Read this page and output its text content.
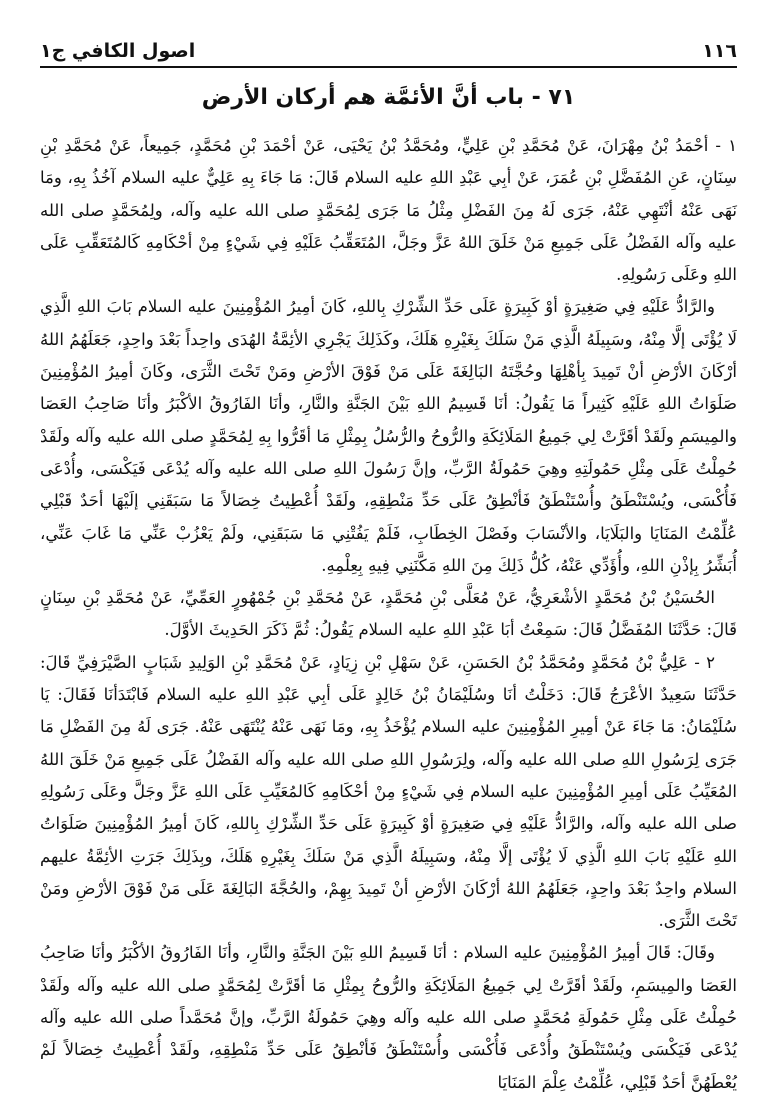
١١٦
اصول الكافي ج١
٧١ - باب أنَّ الأئمَّة هم أركان الأرض

١ - أحْمَدُ بْنُ مِهْرَانَ، عَنْ مُحَمَّدِ بْنِ عَلِيٍّ، ومُحَمَّدُ بْنُ يَحْيَى، عَنْ أحْمَدَ بْنِ مُحَمَّدٍ، جَمِيعاً، عَنْ مُحَمَّدِ بْنِ سِنَانٍ، عَنِ المُفَضَّلِ بْنِ عُمَرَ، عَنْ أبِي عَبْدِ اللهِ عليه السلام قَالَ: مَا جَاءَ بِهِ عَلِيٌّ عليه السلام آخُذُ بِهِ، ومَا نَهَى عَنْهُ أنْتَهِي عَنْهُ، جَرَى لَهُ مِنَ الفَضْلِ مِثْلُ مَا جَرَى لِمُحَمَّدٍ صلى الله عليه وآله، ولِمُحَمَّدٍ صلى الله عليه وآله الفَضْلُ عَلَى جَمِيعِ مَنْ خَلَقَ اللهُ عَزَّ وجَلَّ، المُتَعَقِّبُ عَلَيْهِ فِي شَيْءٍ مِنْ أحْكَامِهِ كَالمُتَعَقِّبِ عَلَى اللهِ وعَلَى رَسُولِهِ.

والرَّادُّ عَلَيْهِ فِي صَغِيرَةٍ أوْ كَبِيرَةٍ عَلَى حَدِّ الشِّرْكِ بِاللهِ، كَانَ أمِيرُ المُؤْمِنِينَ عليه السلام بَابَ اللهِ الَّذِي لَا يُؤْتَى إلَّا مِنْهُ، وسَبِيلَهُ الَّذِي مَنْ سَلَكَ بِغَيْرِهِ هَلَكَ، وكَذَلِكَ يَجْرِي الأئِمَّةُ الهُدَى واحِداً بَعْدَ واحِدٍ، جَعَلَهُمُ اللهُ أرْكَانَ الأرْضِ أنْ تَمِيدَ بِأهْلِهَا وحُجَّتَهُ البَالِغَةَ عَلَى مَنْ فَوْقَ الأرْضِ ومَنْ تَحْتَ الثَّرَى، وكَانَ أمِيرُ المُؤْمِنِينَ صَلَوَاتُ اللهِ عَلَيْهِ كَثِيراً مَا يَقُولُ: أنَا قَسِيمُ اللهِ بَيْنَ الجَنَّةِ والنَّارِ، وأنَا الفَارُوقُ الأكْبَرُ وأنَا صَاحِبُ العَصَا والمِيسَمِ ولَقَدْ أقَرَّتْ لِي جَمِيعُ المَلَائِكَةِ والرُّوحُ والرُّسُلُ بِمِثْلِ مَا أقَرُّوا بِهِ لِمُحَمَّدٍ صلى الله عليه وآله ولَقَدْ حُمِلْتُ عَلَى مِثْلِ حَمُولَتِهِ وهِيَ حَمُولَةُ الرَّبِّ، وإنَّ رَسُولَ اللهِ صلى الله عليه وآله يُدْعَى فَيَكْسَى، وأُدْعَى فَأُكْسَى، ويُسْتَنْطَقُ وأُسْتَنْطَقُ فَأنْطِقُ عَلَى حَدِّ مَنْطِقِهِ، ولَقَدْ أُعْطِيتُ خِصَالاً مَا سَبَقَنِي إلَيْهَا أحَدٌ قَبْلِي عُلِّمْتُ المَنَايَا والبَلَايَا، والأنْسَابَ وفَصْلَ الخِطَابِ، فَلَمْ يَفُتْنِي مَا سَبَقَنِي، ولَمْ يَعْزُبْ عَنِّي مَا غَابَ عَنِّي، أُبَشِّرُ بِإذْنِ اللهِ، وأُؤَدِّي عَنْهُ، كُلُّ ذَلِكَ مِنَ اللهِ مَكَّنَنِي فِيهِ بِعِلْمِهِ.

الحُسَيْنُ بْنُ مُحَمَّدٍ الأشْعَرِيُّ، عَنْ مُعَلَّى بْنِ مُحَمَّدٍ، عَنْ مُحَمَّدِ بْنِ جُمْهُورٍ العَمِّيِّ، عَنْ مُحَمَّدِ بْنِ سِنَانٍ قَالَ: حَدَّثَنَا المُفَضَّلُ قَالَ: سَمِعْتُ أبَا عَبْدِ اللهِ عليه السلام يَقُولُ: ثُمَّ ذَكَرَ الحَدِيثَ الأوَّلَ.

٢ - عَلِيُّ بْنُ مُحَمَّدٍ ومُحَمَّدُ بْنُ الحَسَنِ، عَنْ سَهْلِ بْنِ زِيَادٍ، عَنْ مُحَمَّدِ بْنِ الوَلِيدِ شَبَابٍ الصَّيْرَفِيِّ قَالَ: حَدَّثَنَا سَعِيدٌ الأعْرَجُ قَالَ: دَخَلْتُ أنَا وسُلَيْمَانُ بْنُ خَالِدٍ عَلَى أبِي عَبْدِ اللهِ عليه السلام فَابْتَدَأنَا فَقَالَ: يَا سُلَيْمَانُ: مَا جَاءَ عَنْ أمِيرِ المُؤْمِنِينَ عليه السلام يُؤْخَذُ بِهِ، ومَا نَهَى عَنْهُ يُنْتَهَى عَنْهُ. جَرَى لَهُ مِنَ الفَضْلِ مَا جَرَى لِرَسُولِ اللهِ صلى الله عليه وآله، ولِرَسُولِ اللهِ صلى الله عليه وآله الفَضْلُ عَلَى جَمِيعِ مَنْ خَلَقَ اللهُ المُعَيِّبُ عَلَى أمِيرِ المُؤْمِنِينَ عليه السلام فِي شَيْءٍ مِنْ أحْكَامِهِ كَالمُعَيِّبِ عَلَى اللهِ عَزَّ وجَلَّ وعَلَى رَسُولِهِ صلى الله عليه وآله، والرَّادُّ عَلَيْهِ فِي صَغِيرَةٍ أوْ كَبِيرَةٍ عَلَى حَدِّ الشِّرْكِ بِاللهِ، كَانَ أمِيرُ المُؤْمِنِينَ صَلَوَاتُ اللهِ عَلَيْهِ بَابَ اللهِ الَّذِي لَا يُؤْتَى إلَّا مِنْهُ، وسَبِيلَهُ الَّذِي مَنْ سَلَكَ بِغَيْرِهِ هَلَكَ، وبِذَلِكَ جَرَتِ الأئِمَّةُ عليهم السلام واحِدٌ بَعْدَ واحِدٍ، جَعَلَهُمُ اللهُ أرْكَانَ الأرْضِ أنْ تَمِيدَ بِهِمْ، والحُجَّةَ البَالِغَةَ عَلَى مَنْ فَوْقَ الأرْضِ ومَنْ تَحْتَ الثَّرَى.

وقَالَ: قَالَ أمِيرُ المُؤْمِنِينَ عليه السلام : أنَا قَسِيمُ اللهِ بَيْنَ الجَنَّةِ والنَّارِ، وأنَا الفَارُوقُ الأكْبَرُ وأنَا صَاحِبُ العَصَا والمِيسَمِ، ولَقَدْ أقَرَّتْ لِي جَمِيعُ المَلَائِكَةِ والرُّوحُ بِمِثْلِ مَا أقَرَّتْ لِمُحَمَّدٍ صلى الله عليه وآله ولَقَدْ حُمِلْتُ عَلَى مِثْلِ حَمُولَةِ مُحَمَّدٍ صلى الله عليه وآله وهِيَ حَمُولَةُ الرَّبِّ، وإنَّ مُحَمَّداً صلى الله عليه وآله يُدْعَى فَيَكْسَى ويُسْتَنْطَقُ وأُدْعَى فَأُكْسَى وأُسْتَنْطَقُ فَأنْطِقُ عَلَى حَدِّ مَنْطِقِهِ، ولَقَدْ أُعْطِيتُ خِصَالاً لَمْ يُعْطَهُنَّ أحَدٌ قَبْلِي، عُلِّمْتُ عِلْمَ المَنَايَا
